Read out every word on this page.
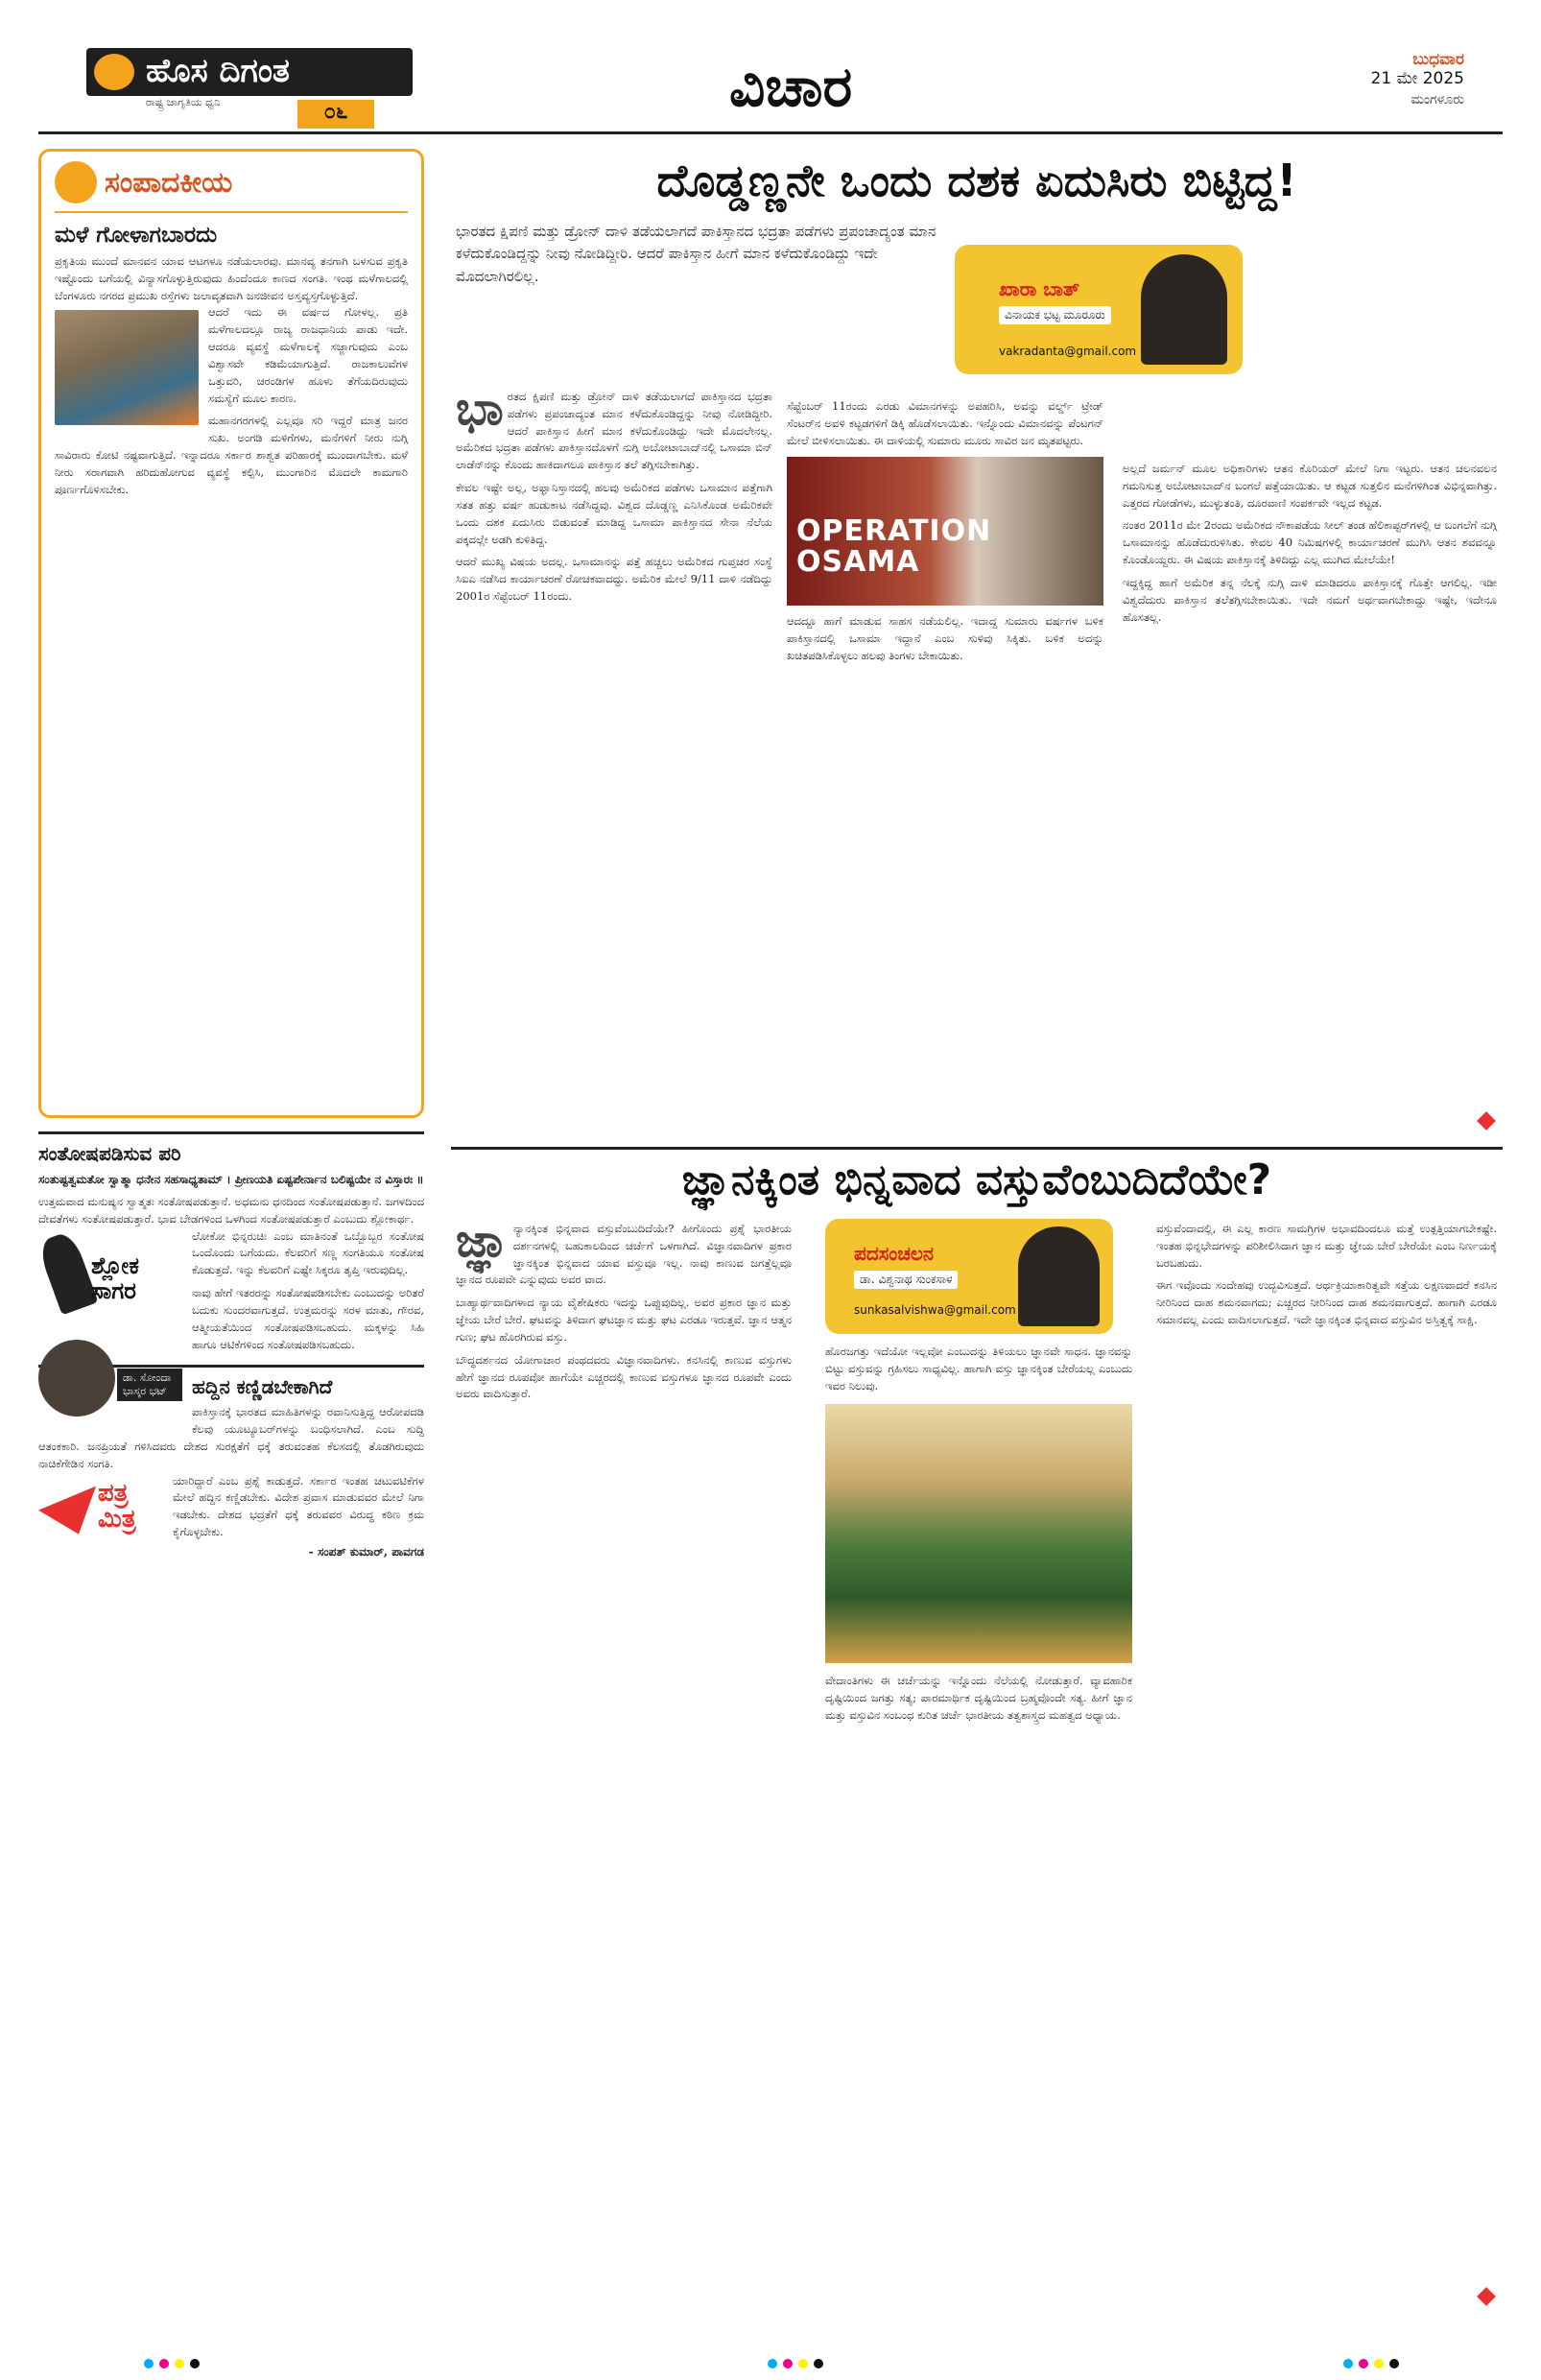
ಹೊಸ ದಿಗಂತ
ರಾಷ್ಟ್ರ ಜಾಗೃತಿಯ ಧ್ವನಿ	೦೬	ವಿಚಾರ	ಬುಧವಾರ
21 ಮೇ 2025
ಮಂಗಳೂರು
ಸಂಪಾದಕೀಯ
ಮಳೆ ಗೋಳಾಗಬಾರದು

ಪ್ರಕೃತಿಯ ಮುಂದೆ ಮಾನವನ ಯಾವ ಆಟಗಳೂ ನಡೆಯಲಾರವು. ಮಾನವ್ಯ ತನಗಾಗಿ ಬಳಸುವ ಪ್ರಕೃತಿ ಇಷ್ಟೊಂದು ಬಗೆಯಲ್ಲಿ ವಿನ್ಯಾಸಗೊಳ್ಳುತ್ತಿರುವುದು ಹಿಂದೆಂದೂ ಕಾಣದ ಸಂಗತಿ. ಇಂಥ ಮಳೆಗಾಲದಲ್ಲಿ ಬೆಂಗಳೂರು ನಗರದ ಪ್ರಮುಖ ರಸ್ತೆಗಳು ಜಲಾವೃತವಾಗಿ ಜನಜೀವನ ಅಸ್ತವ್ಯಸ್ತಗೊಳ್ಳುತ್ತಿದೆ.

ಆದರೆ ಇದು ಈ ವರ್ಷದ ಗೋಳಲ್ಲ. ಪ್ರತಿ ಮಳೆಗಾಲದಲ್ಲೂ ರಾಜ್ಯ ರಾಜಧಾನಿಯ ಪಾಡು ಇದೇ. ಆದರೂ ವ್ಯವಸ್ಥೆ ಮಳೆಗಾಲಕ್ಕೆ ಸಜ್ಜಾಗುವುದು ಎಂಬ ವಿಶ್ವಾಸವೇ ಕಡಿಮೆಯಾಗುತ್ತಿದೆ. ರಾಜಕಾಲುವೆಗಳ ಒತ್ತುವರಿ, ಚರಂಡಿಗಳ ಹೂಳು ತೆಗೆಯದಿರುವುದು ಸಮಸ್ಯೆಗೆ ಮೂಲ ಕಾರಣ.

ಮಹಾನಗರಗಳಲ್ಲಿ ಎಲ್ಲವೂ ಸರಿ ಇದ್ದರೆ ಮಾತ್ರ ಜನರ ಸುಖ. ಅಂಗಡಿ ಮಳಿಗೆಗಳು, ಮನೆಗಳಿಗೆ ನೀರು ನುಗ್ಗಿ ಸಾವಿರಾರು ಕೋಟಿ ನಷ್ಟವಾಗುತ್ತಿದೆ. ಇನ್ನಾದರೂ ಸರ್ಕಾರ ಶಾಶ್ವತ ಪರಿಹಾರಕ್ಕೆ ಮುಂದಾಗಬೇಕು. ಮಳೆ ನೀರು ಸರಾಗವಾಗಿ ಹರಿದುಹೋಗುವ ವ್ಯವಸ್ಥೆ ಕಲ್ಪಿಸಿ, ಮುಂಗಾರಿನ ಮೊದಲೇ ಕಾಮಗಾರಿ ಪೂರ್ಣಗೊಳಿಸಬೇಕು.

ಸಂತೋಷಪಡಿಸುವ ಪರಿ
ಸಂತುಷ್ಟತ್ವಮತೋ ಸ್ವಾತ್ಮಾ ಧನೇನ ಸಹಸಾಧ್ಯತಾಮ್ । ಪ್ರೀಣಯತಿ ಏಷ್ಟಪೇರ್ನಾನ ಬಲಿಷ್ಟಯೇ ನ ವಿಸ್ತಾರಃ ॥

ಉತ್ತಮವಾದ ಮನುಷ್ಯನ ಸ್ವಾತ್ಮತಃ ಸಂತೋಷಪಡುತ್ತಾನೆ. ಅಧಮನು ಧನದಿಂದ ಸಂತೋಷಪಡುತ್ತಾನೆ. ಜಗಳದಿಂದ ದೇವತೆಗಳು ಸಂತೋಷಪಡುತ್ತಾರೆ. ಭಾವ ಬೇಡಗಳಿಂದ ಒಳಗಿಂದ ಸಂತೋಷಪಡುತ್ತಾರೆ ಎಂಬುದು ಶ್ಲೋಕಾರ್ಥ.

ಶ್ಲೋಕ
ಸಾಗರ
ಡಾ. ಸೋಂದಾ ಭಾಸ್ಕರ ಭಟ್

ಲೋಕೋ ಭಿನ್ನರುಚಿಃ ಎಂಬ ಮಾತಿನಂತೆ ಒಬ್ಬೊಬ್ಬರ ಸಂತೋಷ ಒಂದೊಂದು ಬಗೆಯದು. ಕೆಲವರಿಗೆ ಸಣ್ಣ ಸಂಗತಿಯೂ ಸಂತೋಷ ಕೊಡುತ್ತದೆ. ಇನ್ನು ಕೆಲವರಿಗೆ ಎಷ್ಟೇ ಸಿಕ್ಕರೂ ತೃಪ್ತಿ ಇರುವುದಿಲ್ಲ.

ನಾವು ಹೇಗೆ ಇತರರನ್ನು ಸಂತೋಷಪಡಿಸಬೇಕು ಎಂಬುದನ್ನು ಅರಿತರೆ ಬದುಕು ಸುಂದರವಾಗುತ್ತದೆ. ಉತ್ತಮರನ್ನು ಸರಳ ಮಾತು, ಗೌರವ, ಆತ್ಮೀಯತೆಯಿಂದ ಸಂತೋಷಪಡಿಸಬಹುದು. ಮಕ್ಕಳನ್ನು ಸಿಹಿ ಹಾಗೂ ಆಟಿಕೆಗಳಿಂದ ಸಂತೋಷಪಡಿಸಬಹುದು.

ಹದ್ದಿನ ಕಣ್ಣಿಡಬೇಕಾಗಿದೆ

ಪಾಕಿಸ್ತಾನಕ್ಕೆ ಭಾರತದ ಮಾಹಿತಿಗಳನ್ನು ರವಾನಿಸುತ್ತಿದ್ದ ಆರೋಪದಡಿ ಕೆಲವು ಯೂಟ್ಯೂಬರ್‌ಗಳನ್ನು ಬಂಧಿಸಲಾಗಿದೆ. ಎಂಬ ಸುದ್ದಿ ಆತಂಕಕಾರಿ. ಜನಪ್ರಿಯತೆ ಗಳಿಸಿದವರು ದೇಶದ ಸುರಕ್ಷತೆಗೆ ಧಕ್ಕೆ ತರುವಂತಹ ಕೆಲಸದಲ್ಲಿ ತೊಡಗಿರುವುದು ನಾಚಿಕೆಗೇಡಿನ ಸಂಗತಿ.

ಪತ್ರ
ಮಿತ್ರ

ಯಾರಿದ್ದಾರೆ ಎಂಬ ಪ್ರಶ್ನೆ ಕಾಡುತ್ತದೆ. ಸರ್ಕಾರ ಇಂತಹ ಚಟುವಟಿಕೆಗಳ ಮೇಲೆ ಹದ್ದಿನ ಕಣ್ಣಿಡಬೇಕು. ವಿದೇಶ ಪ್ರವಾಸ ಮಾಡುವವರ ಮೇಲೆ ನಿಗಾ ಇಡಬೇಕು. ದೇಶದ ಭದ್ರತೆಗೆ ಧಕ್ಕೆ ತರುವವರ ವಿರುದ್ಧ ಕಠಿಣ ಕ್ರಮ ಕೈಗೊಳ್ಳಬೇಕು.

- ಸಂಪತ್ ಕುಮಾರ್, ಪಾವಗಡ
ದೊಡ್ಡಣ್ಣನೇ ಒಂದು ದಶಕ ಏದುಸಿರು ಬಿಟ್ಟಿದ್ದ!
ಭಾರತದ ಕ್ಷಿಪಣಿ ಮತ್ತು ಡ್ರೋನ್ ದಾಳಿ ತಡೆಯಲಾಗದೆ ಪಾಕಿಸ್ತಾನದ ಭದ್ರತಾ ಪಡೆಗಳು ಪ್ರಪಂಚಾದ್ಯಂತ ಮಾನ ಕಳೆದುಕೊಂಡಿದ್ದನ್ನು ನೀವು ನೋಡಿದ್ದೀರಿ. ಆದರೆ ಪಾಕಿಸ್ತಾನ ಹೀಗೆ ಮಾನ ಕಳೆದುಕೊಂಡಿದ್ದು ಇದೇ ಮೊದಲಾಗಿರಲಿಲ್ಲ.
ಖಾರಾ ಬಾತ್
ವಿನಾಯಕ ಭಟ್ಟ ಮೂರೂರು
vakradanta@gmail.com

ಭಾರತದ ಕ್ಷಿಪಣಿ ಮತ್ತು ಡ್ರೋನ್ ದಾಳಿ ತಡೆಯಲಾಗದೆ ಪಾಕಿಸ್ತಾನದ ಭದ್ರತಾ ಪಡೆಗಳು ಪ್ರಪಂಚಾದ್ಯಂತ ಮಾನ ಕಳೆದುಕೊಂಡಿದ್ದನ್ನು ನೀವು ನೋಡಿದ್ದೀರಿ. ಆದರೆ ಪಾಕಿಸ್ತಾನ ಹೀಗೆ ಮಾನ ಕಳೆದುಕೊಂಡಿದ್ದು ಇದೇ ಮೊದಲೇನಲ್ಲ. ಅಮೆರಿಕದ ಭದ್ರತಾ ಪಡೆಗಳು ಪಾಕಿಸ್ತಾನದೊಳಗೆ ನುಗ್ಗಿ ಅಬೋಟಾಬಾದ್‌ನಲ್ಲಿ ಒಸಾಮಾ ಬಿನ್ ಲಾಡೆನ್‌ನನ್ನು ಕೊಂದು ಹಾಕಿದಾಗಲೂ ಪಾಕಿಸ್ತಾನ ತಲೆ ತಗ್ಗಿಸಬೇಕಾಗಿತ್ತು.

ಕೇವಲ ಇಷ್ಟೇ ಅಲ್ಲ, ಅಫ್ಘಾನಿಸ್ತಾನದಲ್ಲಿ ಹಲವು ಅಮೆರಿಕದ ಪಡೆಗಳು ಒಸಾಮಾನ ಪತ್ತೆಗಾಗಿ ಸತತ ಹತ್ತು ವರ್ಷ ಹುಡುಕಾಟ ನಡೆಸಿದ್ದವು. ವಿಶ್ವದ ದೊಡ್ಡಣ್ಣ ಎನಿಸಿಕೊಂಡ ಅಮೆರಿಕವೇ ಒಂದು ದಶಕ ಏದುಸಿರು ಬಿಡುವಂತೆ ಮಾಡಿದ್ದ ಒಸಾಮಾ ಪಾಕಿಸ್ತಾನದ ಸೇನಾ ನೆಲೆಯ ಪಕ್ಕದಲ್ಲೇ ಅಡಗಿ ಕುಳಿತಿದ್ದ.

ಆದರೆ ಮುಖ್ಯ ವಿಷಯ ಅದಲ್ಲ. ಒಸಾಮಾನನ್ನು ಪತ್ತೆ ಹಚ್ಚಲು ಅಮೆರಿಕದ ಗುಪ್ತಚರ ಸಂಸ್ಥೆ ಸಿಐಎ ನಡೆಸಿದ ಕಾರ್ಯಾಚರಣೆ ರೋಚಕವಾದದ್ದು. ಅಮೆರಿಕ ಮೇಲೆ 9/11 ದಾಳಿ ನಡೆದಿದ್ದು 2001ರ ಸೆಪ್ಟೆಂಬರ್ 11ರಂದು.

ಸೆಪ್ಟೆಂಬರ್ 11ರಂದು ಎರಡು ವಿಮಾನಗಳನ್ನು ಅಪಹರಿಸಿ, ಅವನ್ನು ವರ್ಲ್ಡ್ ಟ್ರೇಡ್ ಸೆಂಟರ್‌ನ ಅವಳಿ ಕಟ್ಟಡಗಳಿಗೆ ಡಿಕ್ಕಿ ಹೊಡೆಸಲಾಯಿತು. ಇನ್ನೊಂದು ವಿಮಾನವನ್ನು ಪೆಂಟಗನ್ ಮೇಲೆ ಬೀಳಿಸಲಾಯಿತು. ಈ ದಾಳಿಯಲ್ಲಿ ಸುಮಾರು ಮೂರು ಸಾವಿರ ಜನ ಮೃತಪಟ್ಟರು.

OPERATION
OSAMA

ಆದದ್ದೂ ಹಾಗೆ ಮಾಡುವ ಸಾಹಸ ನಡೆಯಲಿಲ್ಲ. ಇದಾದ್ದ ಸುಮಾರು ವರ್ಷಗಳ ಬಳಿಕ ಪಾಕಿಸ್ತಾನದಲ್ಲಿ ಒಸಾಮಾ ಇದ್ದಾನೆ ಎಂಬ ಸುಳಿವು ಸಿಕ್ಕಿತು. ಬಳಿಕ ಅದನ್ನು ಖಚಿತಪಡಿಸಿಕೊಳ್ಳಲು ಹಲವು ತಿಂಗಳು ಬೇಕಾಯಿತು.

ಅಲ್ಲದೆ ಜರ್ಮನ್ ಮೂಲ ಅಧಿಕಾರಿಗಳು ಆತನ ಕೊರಿಯರ್ ಮೇಲೆ ನಿಗಾ ಇಟ್ಟರು. ಆತನ ಚಲನವಲನ ಗಮನಿಸುತ್ತ ಅಬೋಟಾಬಾದ್‌ನ ಬಂಗಲೆ ಪತ್ತೆಯಾಯಿತು. ಆ ಕಟ್ಟಡ ಸುತ್ತಲಿನ ಮನೆಗಳಿಗಿಂತ ವಿಭಿನ್ನವಾಗಿತ್ತು. ಎತ್ತರದ ಗೋಡೆಗಳು, ಮುಳ್ಳುತಂತಿ, ದೂರವಾಣಿ ಸಂಪರ್ಕವೇ ಇಲ್ಲದ ಕಟ್ಟಡ.

ನಂತರ 2011ರ ಮೇ 2ರಂದು ಅಮೆರಿಕದ ನೌಕಾಪಡೆಯ ಸೀಲ್ ತಂಡ ಹೆಲಿಕಾಪ್ಟರ್‌ಗಳಲ್ಲಿ ಆ ಬಂಗಲೆಗೆ ನುಗ್ಗಿ ಒಸಾಮಾನನ್ನು ಹೊಡೆದುರುಳಿಸಿತು. ಕೇವಲ 40 ನಿಮಿಷಗಳಲ್ಲಿ ಕಾರ್ಯಾಚರಣೆ ಮುಗಿಸಿ ಆತನ ಶವವನ್ನೂ ಕೊಂಡೊಯ್ದರು. ಈ ವಿಷಯ ಪಾಕಿಸ್ತಾನಕ್ಕೆ ತಿಳಿದಿದ್ದು ಎಲ್ಲ ಮುಗಿದ ಮೇಲೆಯೇ!

ಇದ್ದಕ್ಕಿದ್ದ ಹಾಗೆ ಅಮೆರಿಕ ತನ್ನ ನೆಲಕ್ಕೆ ನುಗ್ಗಿ ದಾಳಿ ಮಾಡಿದರೂ ಪಾಕಿಸ್ತಾನಕ್ಕೆ ಗೊತ್ತೇ ಆಗಲಿಲ್ಲ. ಇಡೀ ವಿಶ್ವದೆದುರು ಪಾಕಿಸ್ತಾನ ತಲೆತಗ್ಗಿಸಬೇಕಾಯಿತು. ಇದೇ ನಮಗೆ ಅರ್ಥವಾಗಬೇಕಾದ್ದು ಇಷ್ಟೇ, ಇದೇನೂ ಹೊಸತಲ್ಲ.

ಜ್ಞಾನಕ್ಕಿಂತ ಭಿನ್ನವಾದ ವಸ್ತುವೆಂಬುದಿದೆಯೇ?

ಜ್ಞಾ ನ್ಯಾನಕ್ಕಿಂತ ಭಿನ್ನವಾದ ವಸ್ತುವೆಂಬುದಿದೆಯೇ? ಹೀಗೊಂದು ಪ್ರಶ್ನೆ ಭಾರತೀಯ ದರ್ಶನಗಳಲ್ಲಿ ಬಹುಕಾಲದಿಂದ ಚರ್ಚೆಗೆ ಒಳಗಾಗಿದೆ. ವಿಜ್ಞಾನವಾದಿಗಳ ಪ್ರಕಾರ ಜ್ಞಾನಕ್ಕಿಂತ ಭಿನ್ನವಾದ ಯಾವ ವಸ್ತುವೂ ಇಲ್ಲ. ನಾವು ಕಾಣುವ ಜಗತ್ತೆಲ್ಲವೂ ಜ್ಞಾನದ ರೂಪವೇ ಎನ್ನುವುದು ಅವರ ವಾದ.

ಬಾಹ್ಯಾರ್ಥವಾದಿಗಳಾದ ನ್ಯಾಯ ವೈಶೇಷಿಕರು ಇದನ್ನು ಒಪ್ಪುವುದಿಲ್ಲ. ಅವರ ಪ್ರಕಾರ ಜ್ಞಾನ ಮತ್ತು ಜ್ಞೇಯ ಬೇರೆ ಬೇರೆ. ಘಟವನ್ನು ತಿಳಿದಾಗ ಘಟಜ್ಞಾನ ಮತ್ತು ಘಟ ಎರಡೂ ಇರುತ್ತವೆ. ಜ್ಞಾನ ಆತ್ಮನ ಗುಣ; ಘಟ ಹೊರಗಿರುವ ವಸ್ತು.

ಬೌದ್ಧದರ್ಶನದ ಯೋಗಾಚಾರ ಪಂಥದವರು ವಿಜ್ಞಾನವಾದಿಗಳು. ಕನಸಿನಲ್ಲಿ ಕಾಣುವ ವಸ್ತುಗಳು ಹೇಗೆ ಜ್ಞಾನದ ರೂಪವೋ ಹಾಗೆಯೇ ಎಚ್ಚರದಲ್ಲಿ ಕಾಣುವ ವಸ್ತುಗಳೂ ಜ್ಞಾನದ ರೂಪವೇ ಎಂದು ಅವರು ವಾದಿಸುತ್ತಾರೆ.

ಪದಸಂಚಲನ
ಡಾ. ವಿಶ್ವನಾಥ ಸುಂಕಸಾಳ
sunkasalvishwa@gmail.com

ಹೊರಜಗತ್ತು ಇದೆಯೋ ಇಲ್ಲವೋ ಎಂಬುದನ್ನು ತಿಳಿಯಲು ಜ್ಞಾನವೇ ಸಾಧನ. ಜ್ಞಾನವನ್ನು ಬಿಟ್ಟು ವಸ್ತುವನ್ನು ಗ್ರಹಿಸಲು ಸಾಧ್ಯವಿಲ್ಲ. ಹಾಗಾಗಿ ವಸ್ತು ಜ್ಞಾನಕ್ಕಿಂತ ಬೇರೆಯಲ್ಲ ಎಂಬುದು ಇವರ ನಿಲುವು.

ವೇದಾಂತಿಗಳು ಈ ಚರ್ಚೆಯನ್ನು ಇನ್ನೊಂದು ನೆಲೆಯಲ್ಲಿ ನೋಡುತ್ತಾರೆ. ವ್ಯಾವಹಾರಿಕ ದೃಷ್ಟಿಯಿಂದ ಜಗತ್ತು ಸತ್ಯ; ಪಾರಮಾರ್ಥಿಕ ದೃಷ್ಟಿಯಿಂದ ಬ್ರಹ್ಮವೊಂದೇ ಸತ್ಯ. ಹೀಗೆ ಜ್ಞಾನ ಮತ್ತು ವಸ್ತುವಿನ ಸಂಬಂಧ ಕುರಿತ ಚರ್ಚೆ ಭಾರತೀಯ ತತ್ವಶಾಸ್ತ್ರದ ಮಹತ್ವದ ಅಧ್ಯಾಯ.

ವಸ್ತುವೆಂದಾದಲ್ಲಿ, ಈ ಎಲ್ಲ ಕಾರಣ ಸಾಮಗ್ರಿಗಳ ಅಭಾವದಿಂದಲೂ ಮತ್ತೆ ಉತ್ಪತ್ತಿಯಾಗಬೇಕಷ್ಟೇ. ಇಂತಹ ಭಿನ್ನಭೇದಗಳನ್ನು ಪರಿಶೀಲಿಸಿದಾಗ ಜ್ಞಾನ ಮತ್ತು ಜ್ಞೇಯ ಬೇರೆ ಬೇರೆಯೇ ಎಂಬ ನಿರ್ಣಯಕ್ಕೆ ಬರಬಹುದು.

ಈಗ ಇವೊಂದು ಸಂದೇಹವು ಉದ್ಭವಿಸುತ್ತದೆ. ಅರ್ಥಕ್ರಿಯಾಕಾರಿತ್ವವೇ ಸತ್ತೆಯ ಲಕ್ಷಣವಾದರೆ ಕನಸಿನ ನೀರಿನಿಂದ ದಾಹ ಶಮನವಾಗದು; ಎಚ್ಚರದ ನೀರಿನಿಂದ ದಾಹ ಶಮನವಾಗುತ್ತದೆ. ಹಾಗಾಗಿ ಎರಡೂ ಸಮಾನವಲ್ಲ ಎಂದು ವಾದಿಸಲಾಗುತ್ತದೆ. ಇದೇ ಜ್ಞಾನಕ್ಕಿಂತ ಭಿನ್ನವಾದ ವಸ್ತುವಿನ ಅಸ್ತಿತ್ವಕ್ಕೆ ಸಾಕ್ಷಿ.
